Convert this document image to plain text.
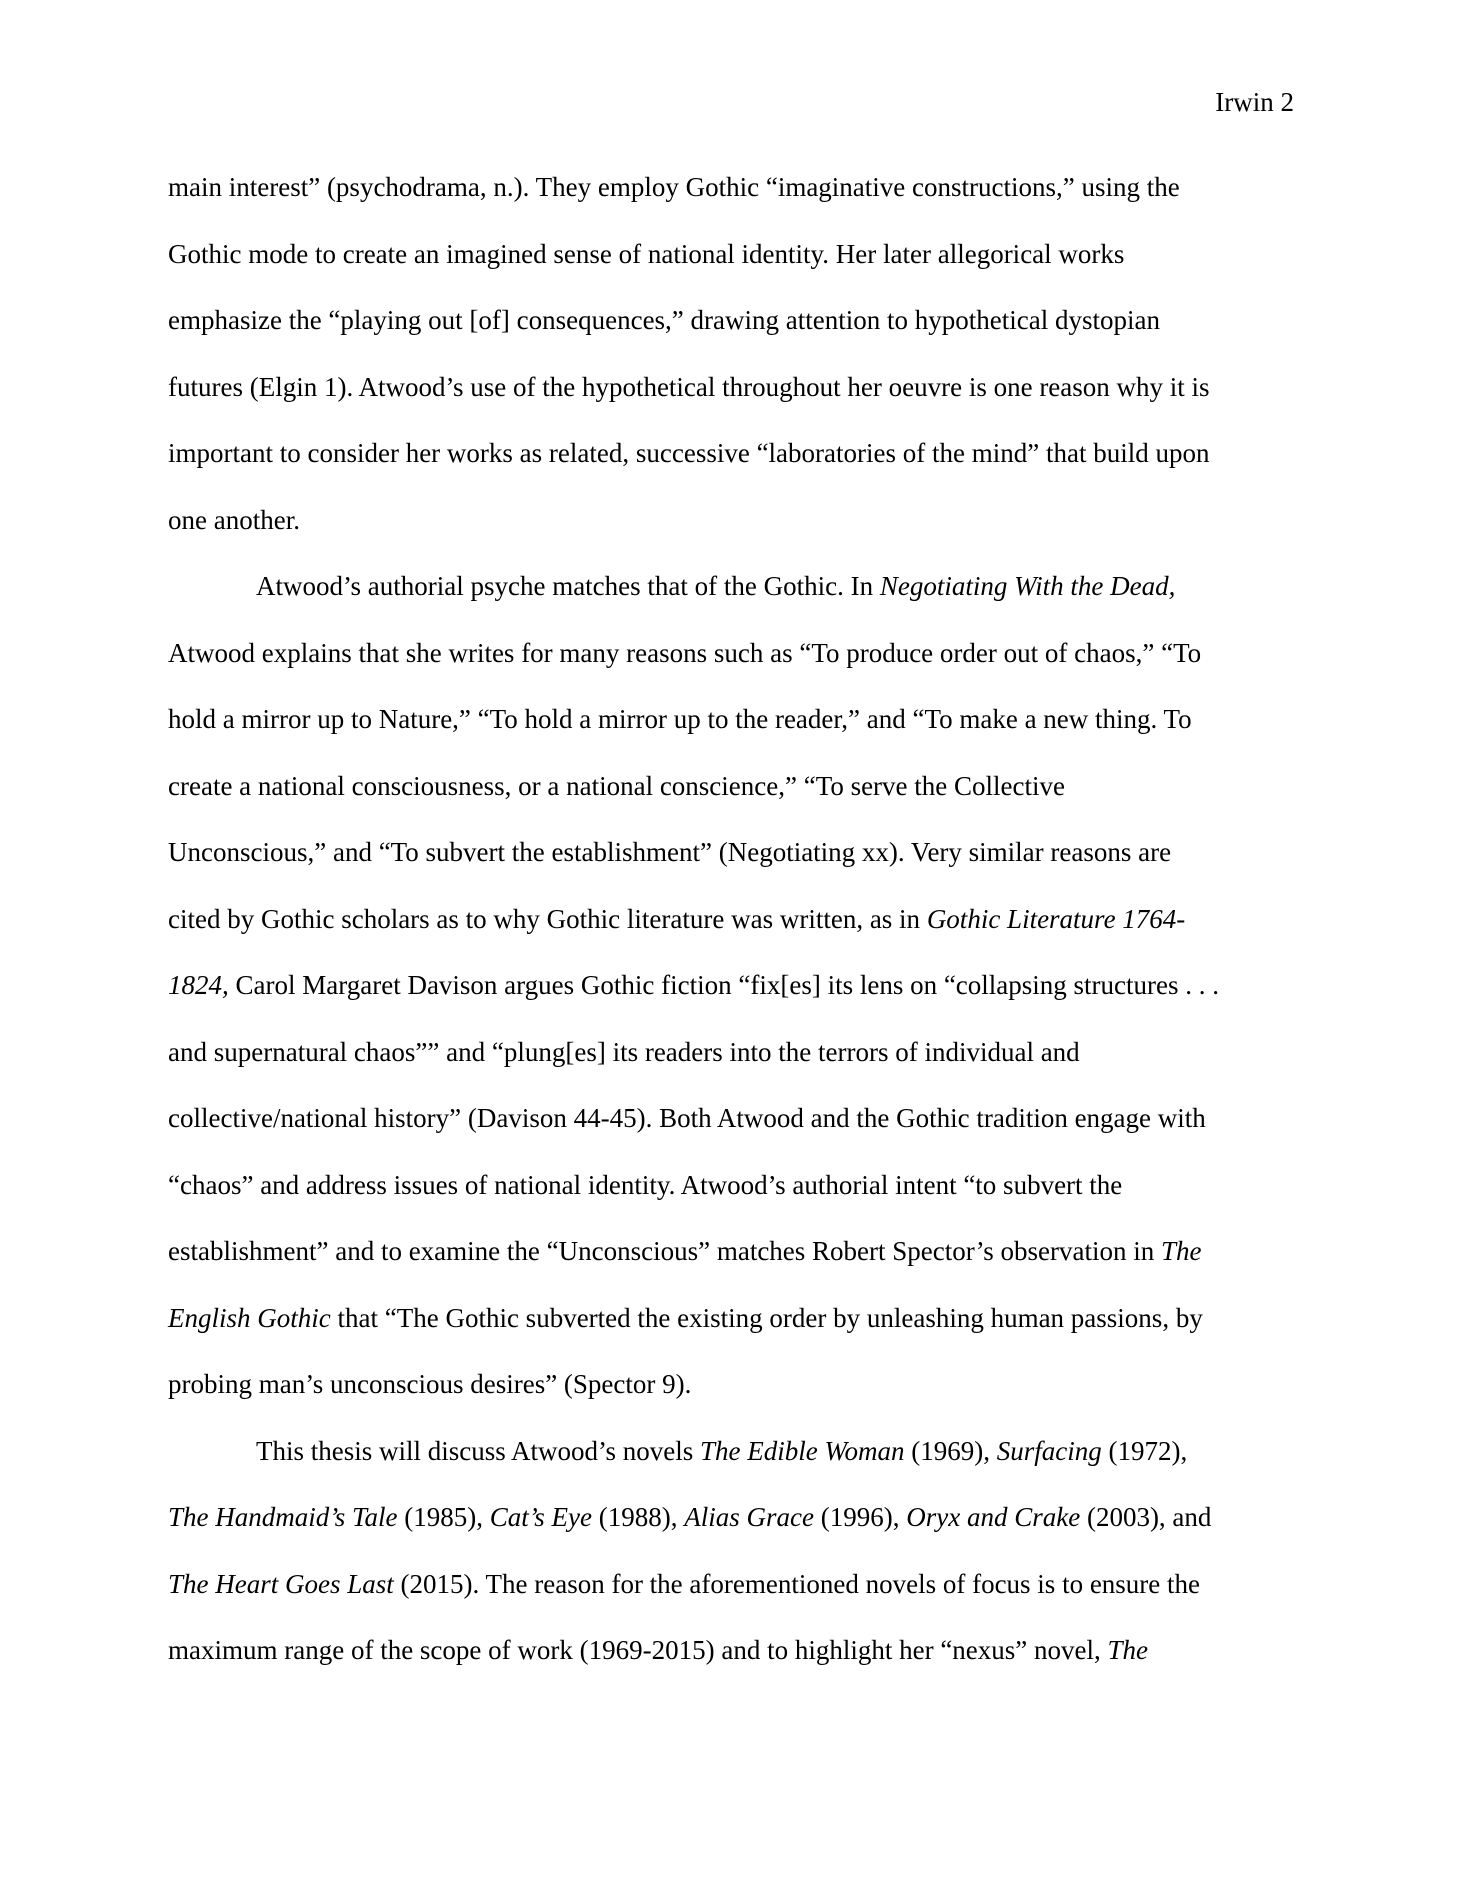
Irwin 2
main interest” (psychodrama, n.). They employ Gothic “imaginative constructions,” using the
Gothic mode to create an imagined sense of national identity. Her later allegorical works
emphasize the “playing out [of] consequences,” drawing attention to hypothetical dystopian
futures (Elgin 1). Atwood’s use of the hypothetical throughout her oeuvre is one reason why it is
important to consider her works as related, successive “laboratories of the mind” that build upon
one another.
Atwood’s authorial psyche matches that of the Gothic. In Negotiating With the Dead,
Atwood explains that she writes for many reasons such as “To produce order out of chaos,” “To
hold a mirror up to Nature,” “To hold a mirror up to the reader,” and “To make a new thing. To
create a national consciousness, or a national conscience,” “To serve the Collective
Unconscious,” and “To subvert the establishment” (Negotiating xx). Very similar reasons are
cited by Gothic scholars as to why Gothic literature was written, as in Gothic Literature 1764-
1824, Carol Margaret Davison argues Gothic fiction “fix[es] its lens on “collapsing structures . . .
and supernatural chaos”” and “plung[es] its readers into the terrors of individual and
collective/national history” (Davison 44-45). Both Atwood and the Gothic tradition engage with
“chaos” and address issues of national identity. Atwood’s authorial intent “to subvert the
establishment” and to examine the “Unconscious” matches Robert Spector’s observation in The
English Gothic that “The Gothic subverted the existing order by unleashing human passions, by
probing man’s unconscious desires” (Spector 9).
This thesis will discuss Atwood’s novels The Edible Woman (1969), Surfacing (1972),
The Handmaid’s Tale (1985), Cat’s Eye (1988), Alias Grace (1996), Oryx and Crake (2003), and
The Heart Goes Last (2015). The reason for the aforementioned novels of focus is to ensure the
maximum range of the scope of work (1969-2015) and to highlight her “nexus” novel, The
